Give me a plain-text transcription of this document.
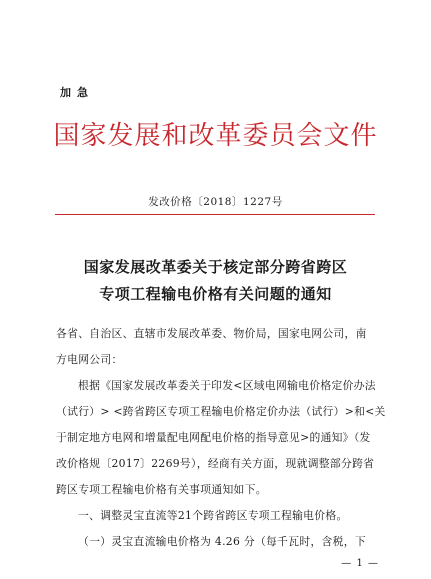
加急
国家发展和改革委员会文件
发改价格〔2018〕1227号
国家发展改革委关于核定部分跨省跨区
专项工程输电价格有关问题的通知
各省、自治区、直辖市发展改革委、物价局，国家电网公司，南
方电网公司：
根据《国家发展改革委关于印发<区域电网输电价格定价办法
（试行）> <跨省跨区专项工程输电价格定价办法（试行）>和<关
于制定地方电网和增量配电网配电价格的指导意见>的通知》（发
改价格规〔2017〕2269号），经商有关方面，现就调整部分跨省
跨区专项工程输电价格有关事项通知如下。
一、调整灵宝直流等21个跨省跨区专项工程输电价格。
（一）灵宝直流输电价格为 4.26 分（每千瓦时，含税，下
— 1 —
